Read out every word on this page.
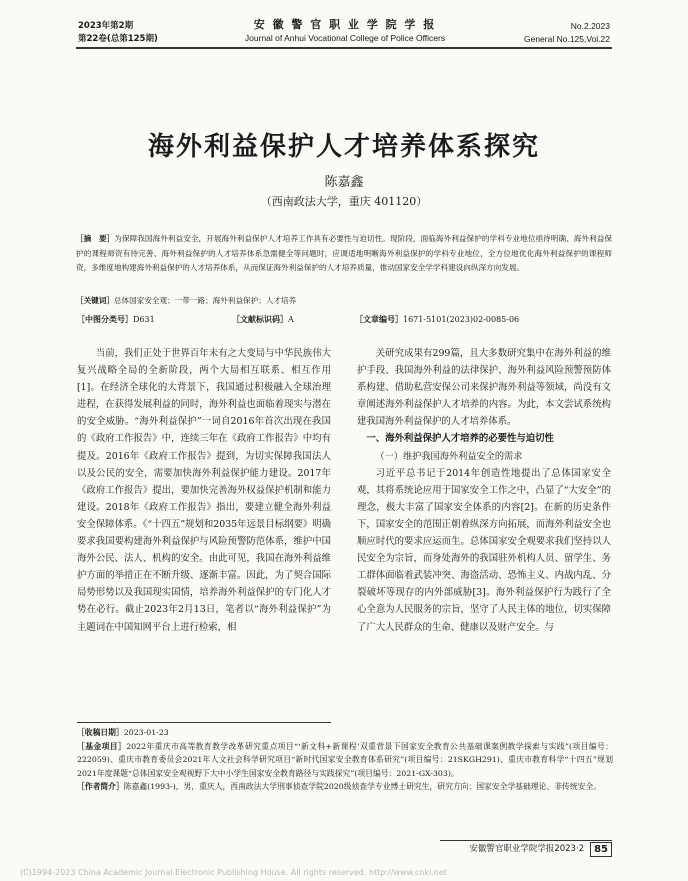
2023年第2期
第22卷(总第125期)
安 徽 警 官 职 业 学 院 学 报
Journal of Anhui Vocational College of Police Officers
No.2,2023
General No.125,Vol.22
海外利益保护人才培养体系探究
陈嘉鑫
（西南政法大学，重庆 401120）
［摘　要］为保障我国海外利益安全，开展海外利益保护人才培养工作具有必要性与迫切性。现阶段，面临海外利益保护的学科专业地位亟待明确、海外利益保护的课程师资有待完善、海外利益保护的人才培养体系急需健全等问题时，应调适地明晰海外利益保护的学科专业地位，全方位地优化海外利益保护的课程师资，多维度地构建海外利益保护的人才培养体系，从而保证海外利益保护的人才培养质量，推动国家安全学学科建设向纵深方向发展。
［关键词］总体国家安全观；一带一路；海外利益保护；人才培养
［中图分类号］D631	［文献标识码］A	［文章编号］1671-5101(2023)02-0085-06

当前，我们正处于世界百年未有之大变局与中华民族伟大复兴战略全局的全新阶段，两个大局相互联系、相互作用[1]。在经济全球化的大背景下，我国通过积极融入全球治理进程，在获得发展利益的同时，海外利益也面临着现实与潜在的安全威胁。“海外利益保护”一词自2016年首次出现在我国的《政府工作报告》中，连续三年在《政府工作报告》中均有提及。2016年《政府工作报告》提到，为切实保障我国法人以及公民的安全，需要加快海外利益保护能力建设。2017年《政府工作报告》提出，要加快完善海外权益保护机制和能力建设。2018年《政府工作报告》指出，要建立健全海外利益安全保障体系。《“十四五”规划和2035年远景目标纲要》明确要求我国要构建海外利益保护与风险预警防范体系，维护中国海外公民、法人、机构的安全。由此可见，我国在海外利益维护方面的举措正在不断升级、逐渐丰富。因此，为了契合国际局势形势以及我国现实国情，培养海外利益保护的专门化人才势在必行。截止2023年2月13日，笔者以“海外利益保护”为主题词在中国知网平台上进行检索，相

关研究成果有299篇，且大多数研究集中在海外利益的维护手段、我国海外利益的法律保护、海外利益风险预警预防体系构建、借助私营安保公司来保护海外利益等领域，尚没有文章阐述海外利益保护人才培养的内容。为此，本文尝试系统构建我国海外利益保护的人才培养体系。

一、海外利益保护人才培养的必要性与迫切性
（一）维护我国海外利益安全的需求

习近平总书记于2014年创造性地提出了总体国家安全观，其将系统论应用于国家安全工作之中，凸显了“大安全”的理念，极大丰富了国家安全体系的内容[2]。在新的历史条件下，国家安全的范围正朝着纵深方向拓展，而海外利益安全也顺应时代的要求应运而生。总体国家安全观要求我们坚持以人民安全为宗旨，而身处海外的我国驻外机构人员、留学生、务工群体面临着武装冲突、海盗活动、恐怖主义、内战内乱、分裂破坏等现存的内外部威胁[3]。海外利益保护行为践行了全心全意为人民服务的宗旨，坚守了人民主体的地位，切实保障了广大人民群众的生命、健康以及财产安全。与

［收稿日期］2023-01-23
［基金项目］2022年重庆市高等教育教学改革研究重点项目“‘新文科+新课程’双重背景下国家安全教育公共基础课案例教学探索与实践”(项目编号：222059)、重庆市教育委员会2021年人文社会科学研究项目“新时代国家安全教育体系研究”(项目编号：21SKGH291)、重庆市教育科学“十四五”规划2021年度课题“总体国家安全观视野下大中小学生国家安全教育路径与实践探究”(项目编号：2021-GX-303)。
［作者简介］陈嘉鑫(1993-)，男，重庆人，西南政法大学刑事侦查学院2020级侦查学专业博士研究生，研究方向：国家安全学基础理论、非传统安全。
安徽警官职业学院学报2023·2	85
(C)1994-2023 China Academic Journal Electronic Publishing House. All rights reserved. http://www.cnki.net
